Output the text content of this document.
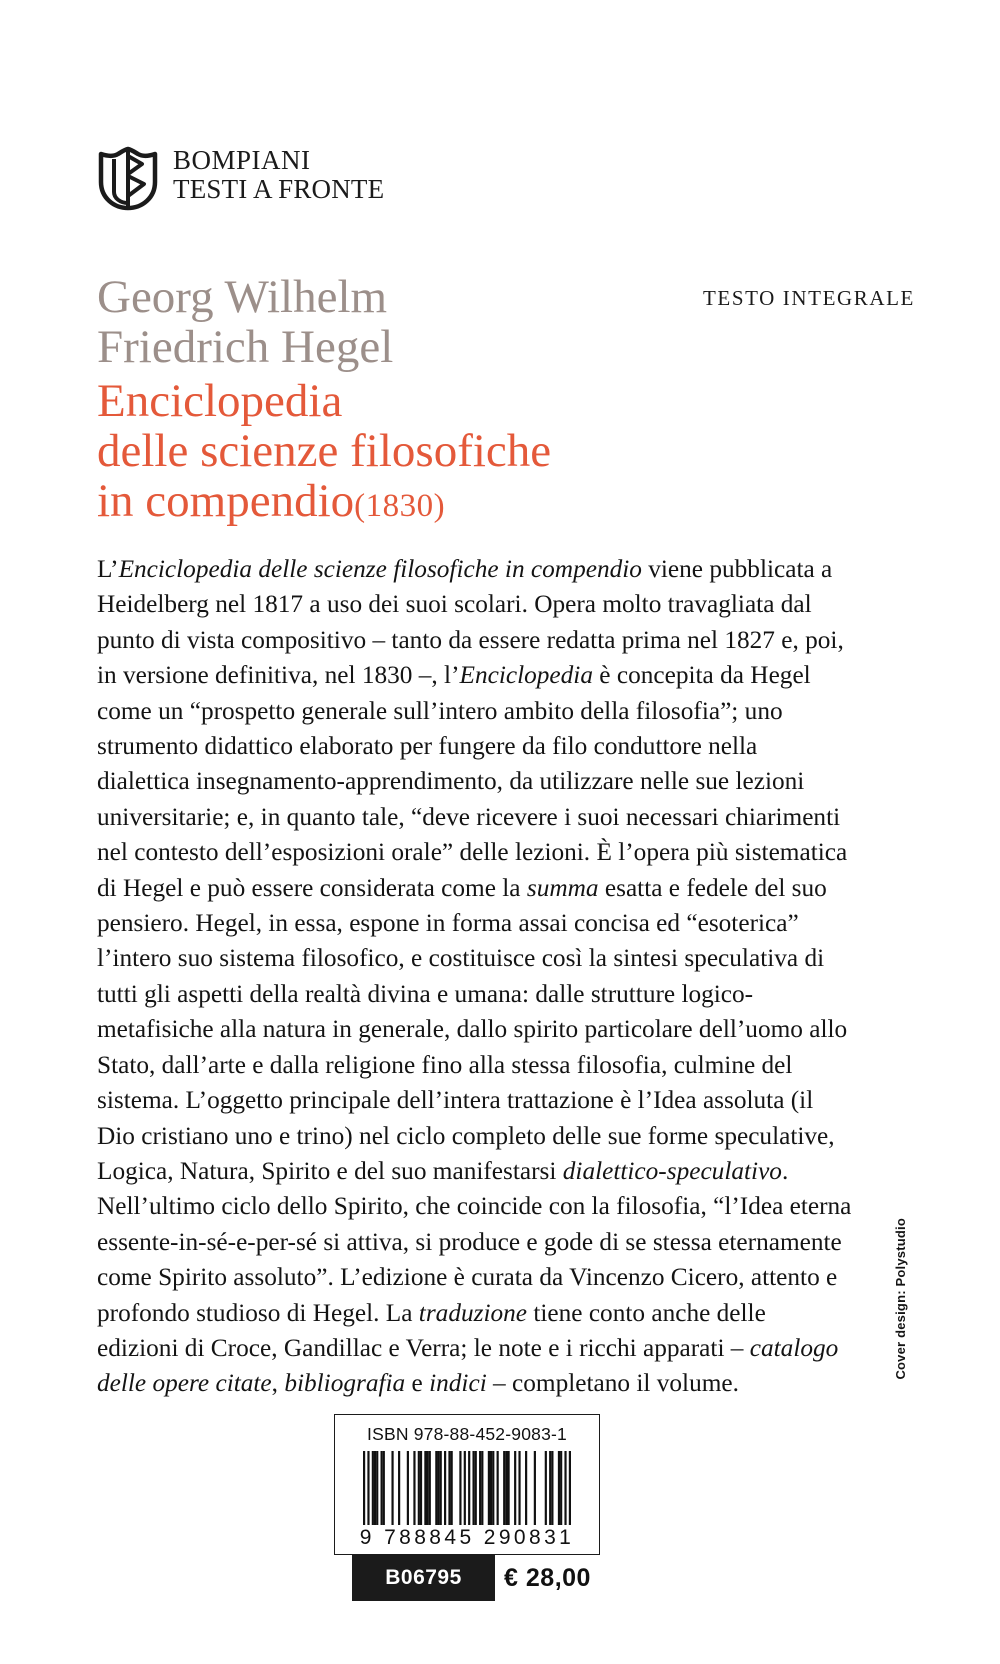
BOMPIANI
TESTI A FRONTE
TESTO INTEGRALE
Georg Wilhelm
Friedrich Hegel
Enciclopedia
delle scienze filosofiche
in compendio(1830)
L’Enciclopedia delle scienze filosofiche in compendio viene pubblicata a Heidelberg nel 1817 a uso dei suoi scolari. Opera molto travagliata dal punto di vista compositivo – tanto da essere redatta prima nel 1827 e, poi, in versione definitiva, nel 1830 –, l’Enciclopedia è concepita da Hegel come un “prospetto generale sull’intero ambito della filosofia”; uno strumento didattico elaborato per fungere da filo conduttore nella dialettica insegnamento-apprendimento, da utilizzare nelle sue lezioni universitarie; e, in quanto tale, “deve ricevere i suoi necessari chiarimenti nel contesto dell’esposizioni orale” delle lezioni. È l’opera più sistematica di Hegel e può essere considerata come la summa esatta e fedele del suo pensiero. Hegel, in essa, espone in forma assai concisa ed “esoterica” l’intero suo sistema filosofico, e costituisce così la sintesi speculativa di tutti gli aspetti della realtà divina e umana: dalle strutture logico-metafisiche alla natura in generale, dallo spirito particolare dell’uomo allo Stato, dall’arte e dalla religione fino alla stessa filosofia, culmine del sistema. L’oggetto principale dell’intera trattazione è l’Idea assoluta (il Dio cristiano uno e trino) nel ciclo completo delle sue forme speculative, Logica, Natura, Spirito e del suo manifestarsi dialettico-speculativo. Nell’ultimo ciclo dello Spirito, che coincide con la filosofia, “l’Idea eterna essente-in-sé-e-per-sé si attiva, si produce e gode di se stessa eternamente come Spirito assoluto”. L’edizione è curata da Vincenzo Cicero, attento e profondo studioso di Hegel. La traduzione tiene conto anche delle edizioni di Croce, Gandillac e Verra; le note e i ricchi apparati – catalogo delle opere citate, bibliografia e indici – completano il volume.
Cover design: Polystudio
ISBN 978-88-452-9083-1
9 788845 290831
B06795	€ 28,00
